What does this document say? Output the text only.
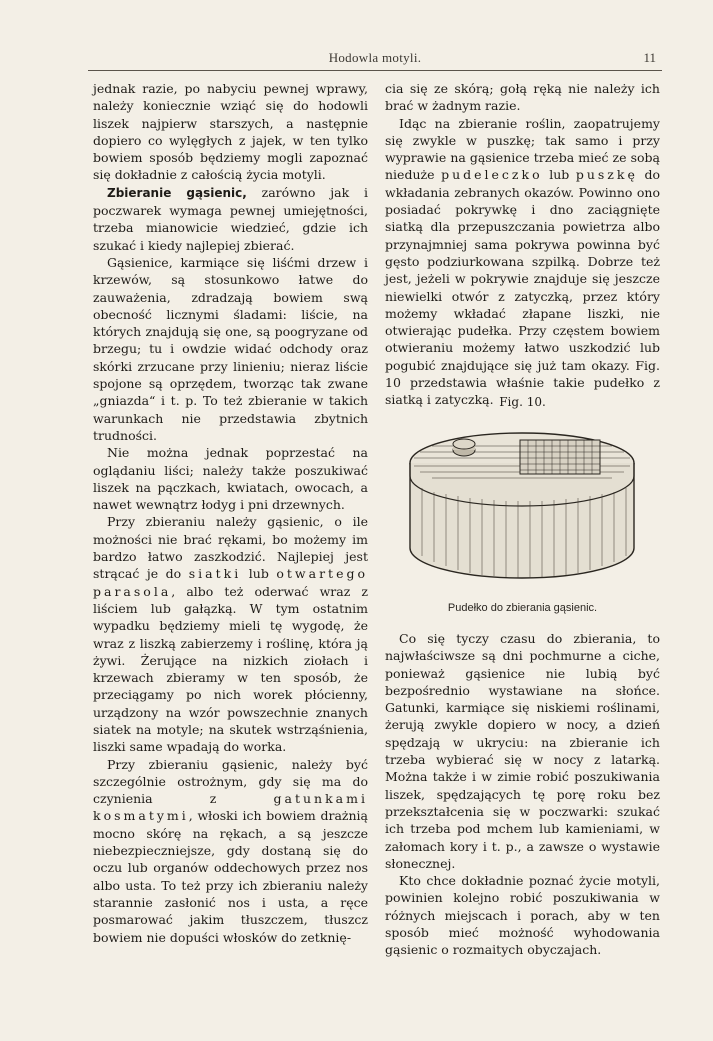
Hodowla motyli.	11

jednak razie, po nabyciu pewnej wprawy, należy koniecznie wziąć się do hodowli liszek najpierw starszych, a następnie dopiero co wylęgłych z jajek, w ten tylko bowiem sposób będziemy mogli zapoznać się dokładnie z całością życia motyli.

Zbieranie gąsienic, zarówno jak i poczwarek wymaga pewnej umiejętności, trzeba mianowicie wiedzieć, gdzie ich szukać i kiedy najlepiej zbierać.

Gąsienice, karmiące się liśćmi drzew i krzewów, są stosunkowo łatwe do zauważenia, zdradzają bowiem swą obecność licznymi śladami: liście, na których znajdują się one, są poogryzane od brzegu; tu i owdzie widać odchody oraz skórki zrzucane przy linieniu; nieraz liście spojone są oprzędem, tworząc tak zwane „gniazda“ i t. p. To też zbieranie w takich warunkach nie przedstawia zbytnich trudności.

Nie można jednak poprzestać na oglądaniu liści; należy także poszukiwać liszek na pączkach, kwiatach, owocach, a nawet wewnątrz łodyg i pni drzewnych.

Przy zbieraniu należy gąsienic, o ile możności nie brać rękami, bo możemy im bardzo łatwo zaszkodzić. Najlepiej jest strącać je do siatki lub otwartego parasola, albo też oderwać wraz z liściem lub gałązką. W tym ostatnim wypadku będziemy mieli tę wygodę, że wraz z liszką zabierzemy i roślinę, która ją żywi. Żerujące na nizkich ziołach i krzewach zbieramy w ten sposób, że przeciągamy po nich worek płócienny, urządzony na wzór powszechnie znanych siatek na motyle; na skutek wstrząśnienia, liszki same wpadają do worka.

Przy zbieraniu gąsienic, należy być szczególnie ostrożnym, gdy się ma do czynienia z gatunkami kosmatymi, włoski ich bowiem drażnią mocno skórę na rękach, a są jeszcze niebezpieczniejsze, gdy dostaną się do oczu lub organów oddechowych przez nos albo usta. To też przy ich zbieraniu należy starannie zasłonić nos i usta, a ręce posmarować jakim tłuszczem, tłuszcz bowiem nie dopuści włosków do zetknię-

cia się ze skórą; gołą ręką nie należy ich brać w żadnym razie.

Idąc na zbieranie roślin, zaopatrujemy się zwykle w puszkę; tak samo i przy wyprawie na gąsienice trzeba mieć ze sobą nieduże pudeleczko lub puszkę do wkładania zebranych okazów. Powinno ono posiadać pokrywkę i dno zaciągnięte siatką dla przepuszczania powietrza albo przynajmniej sama pokrywa powinna być gęsto podziurkowana szpilką. Dobrze też jest, jeżeli w pokrywie znajduje się jeszcze niewielki otwór z zatyczką, przez który możemy wkładać złapane liszki, nie otwierając pudełka. Przy częstem bowiem otwieraniu możemy łatwo uszkodzić lub pogubić znajdujące się już tam okazy. Fig. 10 przedstawia właśnie takie pudełko z siatką i zatyczką. Fig. 10.
Pudełko do zbierania gąsienic.

Co się tyczy czasu do zbierania, to najwłaściwsze są dni pochmurne a ciche, ponieważ gąsienice nie lubią być bezpośrednio wystawiane na słońce. Gatunki, karmiące się niskiemi roślinami, żerują zwykle dopiero w nocy, a dzień spędzają w ukryciu: na zbieranie ich trzeba wybierać się w nocy z latarką. Można także i w zimie robić poszukiwania liszek, spędzających tę porę roku bez przekształcenia się w poczwarki: szukać ich trzeba pod mchem lub kamieniami, w załomach kory i t. p., a zawsze o wystawie słonecznej.

Kto chce dokładnie poznać życie motyli, powinien kolejno robić poszukiwania w różnych miejscach i porach, aby w ten sposób mieć możność wyhodowania gąsienic o rozmaitych obyczajach.
